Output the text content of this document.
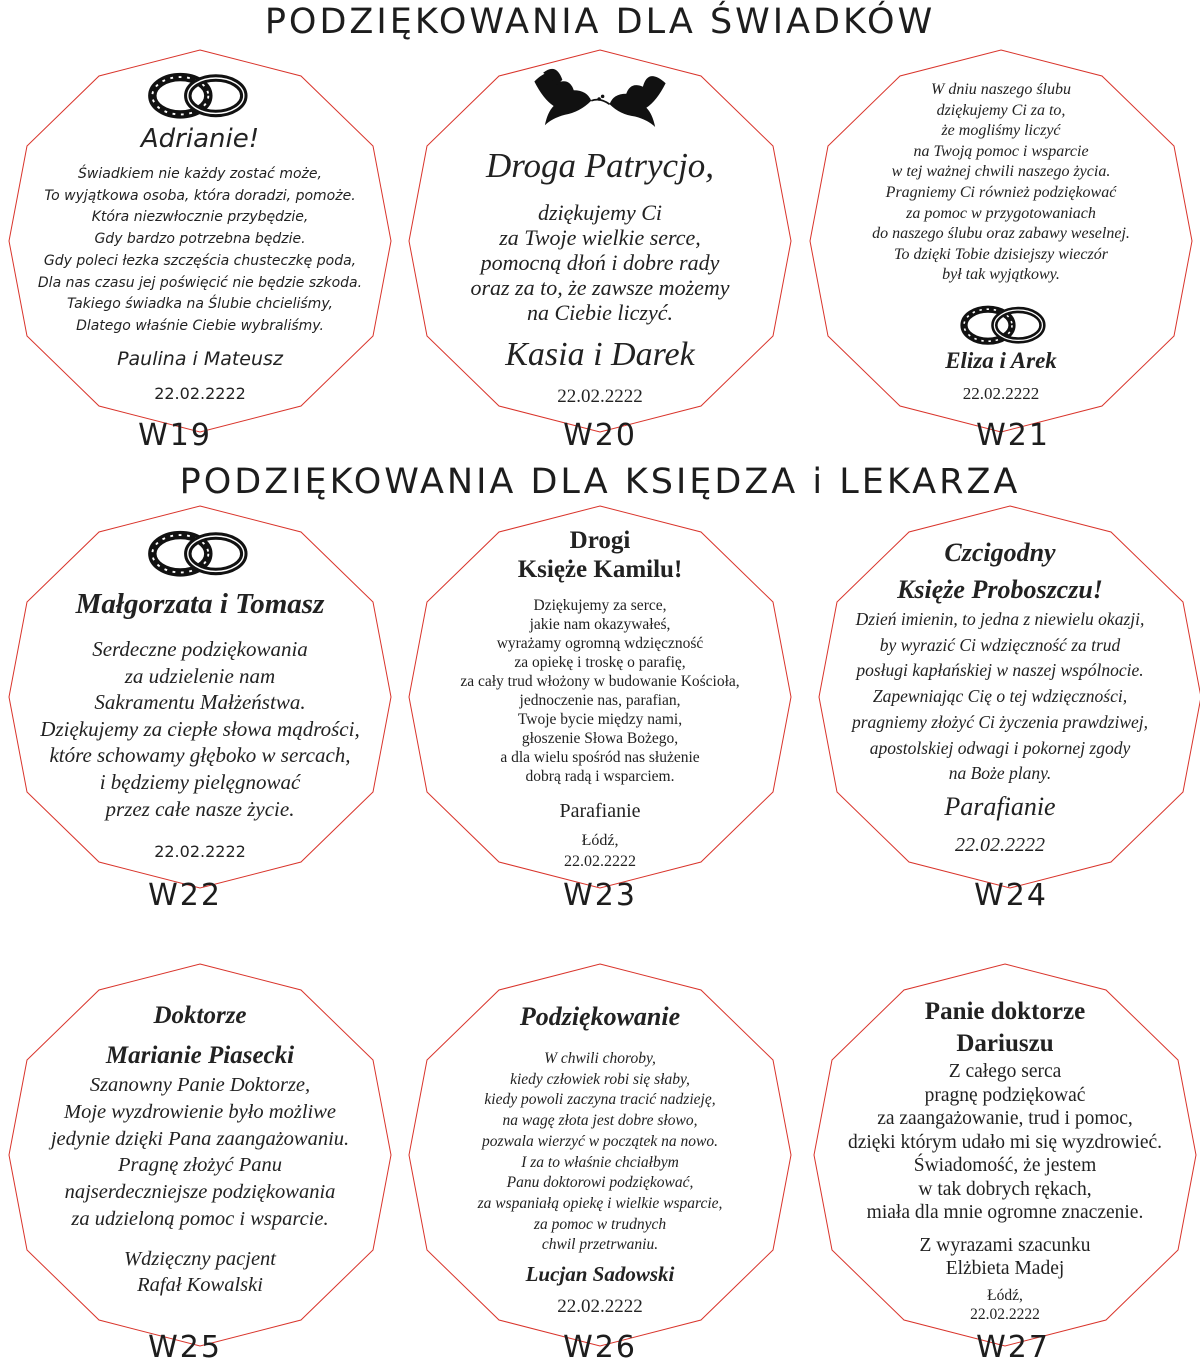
PODZIĘKOWANIA DLA ŚWIADKÓW
PODZIĘKOWANIA DLA KSIĘDZA i LEKARZA
Adrianie!
Świadkiem nie każdy zostać może,
To wyjątkowa osoba, która doradzi, pomoże.
Która niezwłocznie przybędzie,
Gdy bardzo potrzebna będzie.
Gdy poleci łezka szczęścia chusteczkę poda,
Dla nas czasu jej poświęcić nie będzie szkoda.
Takiego świadka na Ślubie chcieliśmy,
Dlatego właśnie Ciebie wybraliśmy.
Paulina i Mateusz
22.02.2222
W19
Droga Patrycjo,
dziękujemy Ci
za Twoje wielkie serce,
pomocną dłoń i dobre rady
oraz za to, że zawsze możemy
na Ciebie liczyć.
Kasia i Darek
22.02.2222
W20
W dniu naszego ślubu
dziękujemy Ci za to,
że mogliśmy liczyć
na Twoją pomoc i wsparcie
w tej ważnej chwili naszego życia.
Pragniemy Ci również podziękować
za pomoc w przygotowaniach
do naszego ślubu oraz zabawy weselnej.
To dzięki Tobie dzisiejszy wieczór
był tak wyjątkowy.
Eliza i Arek
22.02.2222
W21
Małgorzata i Tomasz
Serdeczne podziękowania
za udzielenie nam
Sakramentu Małżeństwa.
Dziękujemy za ciepłe słowa mądrości,
które schowamy głęboko w sercach,
i będziemy pielęgnować
przez całe nasze życie.
22.02.2222
W22
Drogi
Księże Kamilu!
Dziękujemy za serce,
jakie nam okazywałeś,
wyrażamy ogromną wdzięczność
za opiekę i troskę o parafię,
za cały trud włożony w budowanie Kościoła,
jednoczenie nas, parafian,
Twoje bycie między nami,
głoszenie Słowa Bożego,
a dla wielu spośród nas służenie
dobrą radą i wsparciem.
Parafianie
Łódź,
22.02.2222
W23
Czcigodny
Księże Proboszczu!
Dzień imienin, to jedna z niewielu okazji,
by wyrazić Ci wdzięczność za trud
posługi kapłańskiej w naszej wspólnocie.
Zapewniając Cię o tej wdzięczności,
pragniemy złożyć Ci życzenia prawdziwej,
apostolskiej odwagi i pokornej zgody
na Boże plany.
Parafianie
22.02.2222
W24
Doktorze
Marianie Piasecki
Szanowny Panie Doktorze,
Moje wyzdrowienie było możliwe
jedynie dzięki Pana zaangażowaniu.
Pragnę złożyć Panu
najserdeczniejsze podziękowania
za udzieloną pomoc i wsparcie.
Wdzięczny pacjent
Rafał Kowalski
W25
Podziękowanie
W chwili choroby,
kiedy człowiek robi się słaby,
kiedy powoli zaczyna tracić nadzieję,
na wagę złota jest dobre słowo,
pozwala wierzyć w początek na nowo.
I za to właśnie chciałbym
Panu doktorowi podziękować,
za wspaniałą opiekę i wielkie wsparcie,
za pomoc w trudnych
chwil przetrwaniu.
Lucjan Sadowski
22.02.2222
W26
Panie doktorze
Dariuszu
Z całego serca
pragnę podziękować
za zaangażowanie, trud i pomoc,
dzięki którym udało mi się wyzdrowieć.
Świadomość, że jestem
w tak dobrych rękach,
miała dla mnie ogromne znaczenie.
Z wyrazami szacunku
Elżbieta Madej
Łódź,
22.02.2222
W27
